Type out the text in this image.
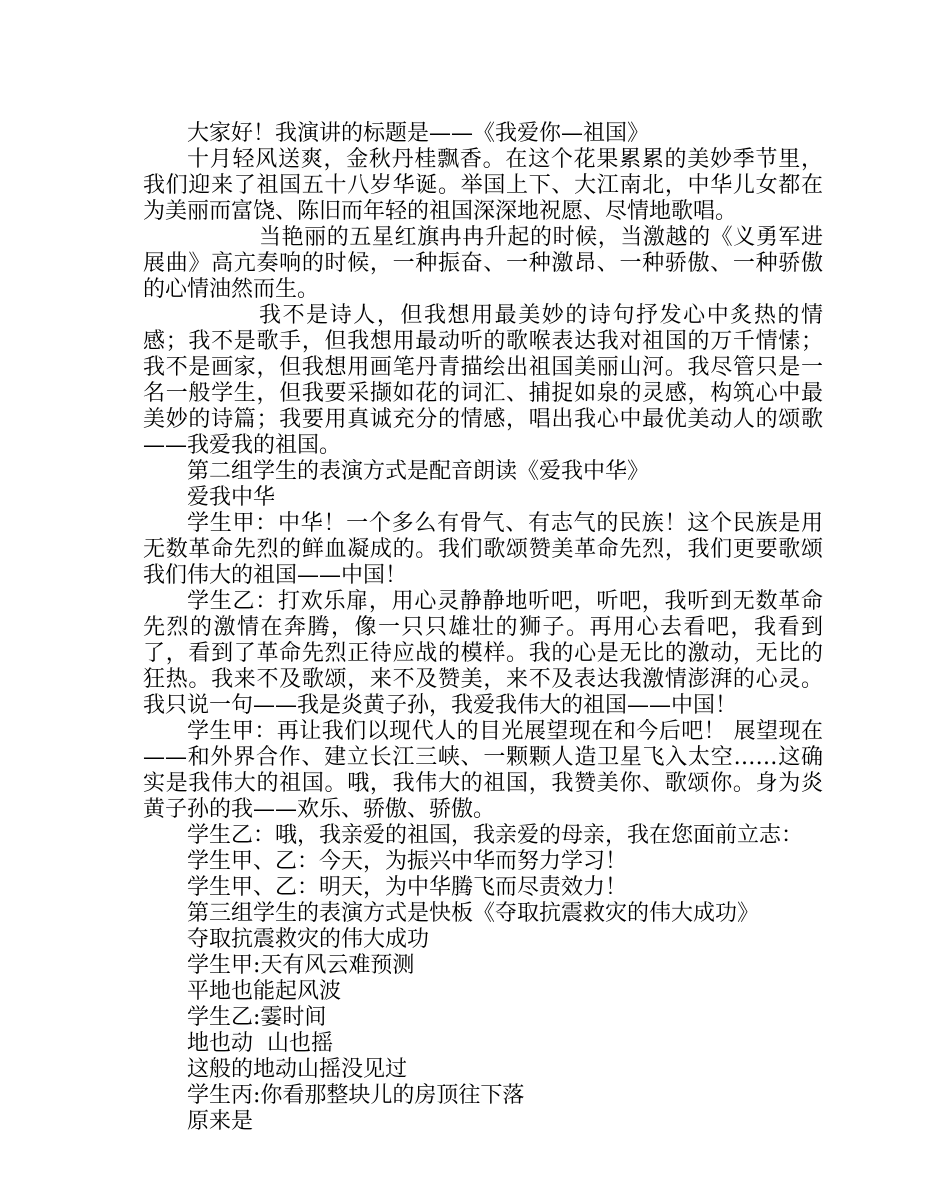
大家好！我演讲的标题是——《我爱你—祖国》

十月轻风送爽，金秋丹桂飘香。在这个花果累累的美妙季节里，我们迎来了祖国五十八岁华诞。举国上下、大江南北，中华儿女都在为美丽而富饶、陈旧而年轻的祖国深深地祝愿、尽情地歌唱。

当艳丽的五星红旗冉冉升起的时候，当激越的《义勇军进展曲》高亢奏响的时候，一种振奋、一种激昂、一种骄傲、一种骄傲的心情油然而生。

我不是诗人，但我想用最美妙的诗句抒发心中炙热的情感；我不是歌手，但我想用最动听的歌喉表达我对祖国的万千情愫；我不是画家，但我想用画笔丹青描绘出祖国美丽山河。我尽管只是一名一般学生，但我要采撷如花的词汇、捕捉如泉的灵感，构筑心中最美妙的诗篇；我要用真诚充分的情感，唱出我心中最优美动人的颂歌——我爱我的祖国。

第二组学生的表演方式是配音朗读《爱我中华》

爱我中华

学生甲：中华！一个多么有骨气、有志气的民族！这个民族是用无数革命先烈的鲜血凝成的。我们歌颂赞美革命先烈，我们更要歌颂我们伟大的祖国——中国！

学生乙：打欢乐扉，用心灵静静地听吧，听吧，我听到无数革命先烈的激情在奔腾，像一只只雄壮的狮子。再用心去看吧，我看到了，看到了革命先烈正待应战的模样。我的心是无比的激动，无比的狂热。我来不及歌颂，来不及赞美，来不及表达我激情澎湃的心灵。我只说一句——我是炎黄子孙，我爱我伟大的祖国——中国！

学生甲：再让我们以现代人的目光展望现在和今后吧！ 展望现在——和外界合作、建立长江三峡、一颗颗人造卫星飞入太空……这确实是我伟大的祖国。哦，我伟大的祖国，我赞美你、歌颂你。身为炎黄子孙的我——欢乐、骄傲、骄傲。

学生乙：哦，我亲爱的祖国，我亲爱的母亲，我在您面前立志：

学生甲、乙：今天，为振兴中华而努力学习！

学生甲、乙：明天，为中华腾飞而尽责效力！

第三组学生的表演方式是快板《夺取抗震救灾的伟大成功》

夺取抗震救灾的伟大成功

学生甲:天有风云难预测

平地也能起风波

学生乙:霎时间

地也动  山也摇

这般的地动山摇没见过

学生丙:你看那整块儿的房顶往下落

原来是
